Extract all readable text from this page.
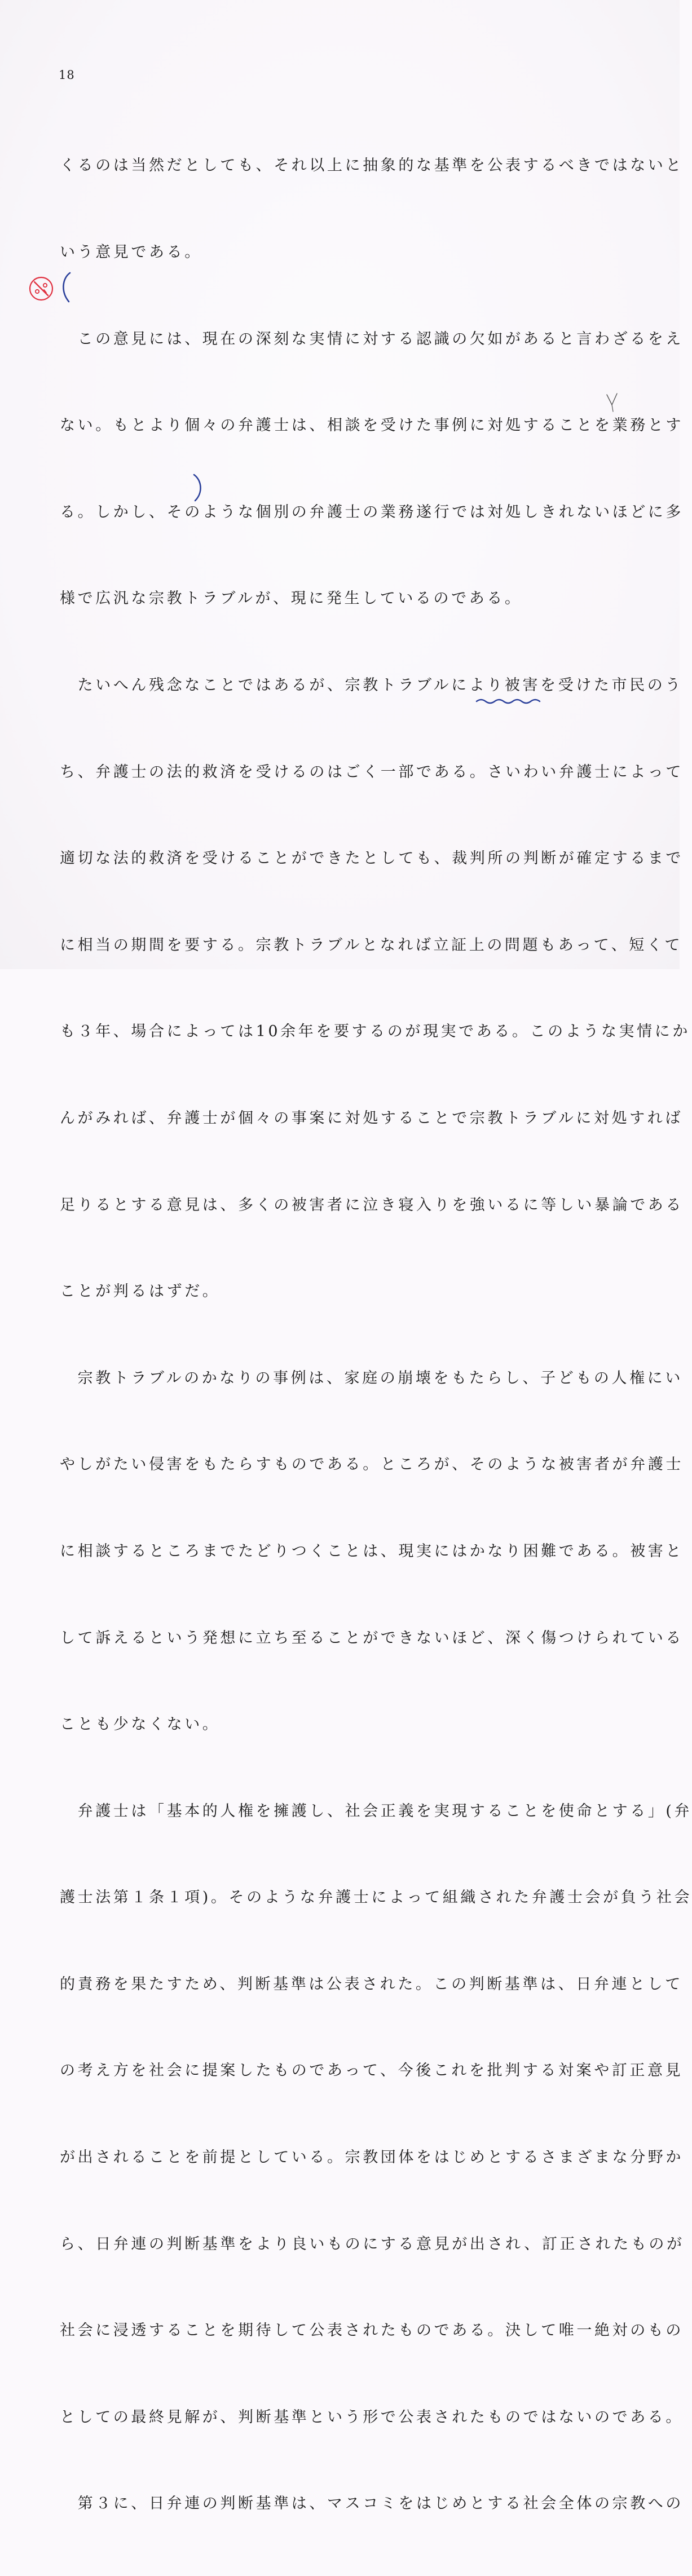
18

くるのは当然だとしても、それ以上に抽象的な基準を公表するべきではないと

いう意見である。

　この意見には、現在の深刻な実情に対する認識の欠如があると言わざるをえ

ない。もとより個々の弁護士は、相談を受けた事例に対処することを業務とす

る。しかし、そのような個別の弁護士の業務遂行では対処しきれないほどに多

様で広汎な宗教トラブルが、現に発生しているのである。

　たいへん残念なことではあるが、宗教トラブルにより被害を受けた市民のう

ち、弁護士の法的救済を受けるのはごく一部である。さいわい弁護士によって

適切な法的救済を受けることができたとしても、裁判所の判断が確定するまで

に相当の期間を要する。宗教トラブルとなれば立証上の問題もあって、短くて

も３年、場合によっては10余年を要するのが現実である。このような実情にか

んがみれば、弁護士が個々の事案に対処することで宗教トラブルに対処すれば

足りるとする意見は、多くの被害者に泣き寝入りを強いるに等しい暴論である

ことが判るはずだ。

　宗教トラブルのかなりの事例は、家庭の崩壊をもたらし、子どもの人権にい

やしがたい侵害をもたらすものである。ところが、そのような被害者が弁護士

に相談するところまでたどりつくことは、現実にはかなり困難である。被害と

して訴えるという発想に立ち至ることができないほど、深く傷つけられている

ことも少なくない。

　弁護士は「基本的人権を擁護し、社会正義を実現することを使命とする」(弁

護士法第１条１項)。そのような弁護士によって組織された弁護士会が負う社会

的責務を果たすため、判断基準は公表された。この判断基準は、日弁連として

の考え方を社会に提案したものであって、今後これを批判する対案や訂正意見

が出されることを前提としている。宗教団体をはじめとするさまざまな分野か

ら、日弁連の判断基準をより良いものにする意見が出され、訂正されたものが

社会に浸透することを期待して公表されたものである。決して唯一絶対のもの

としての最終見解が、判断基準という形で公表されたものではないのである。

　第３に、日弁連の判断基準は、マスコミをはじめとする社会全体の宗教への
